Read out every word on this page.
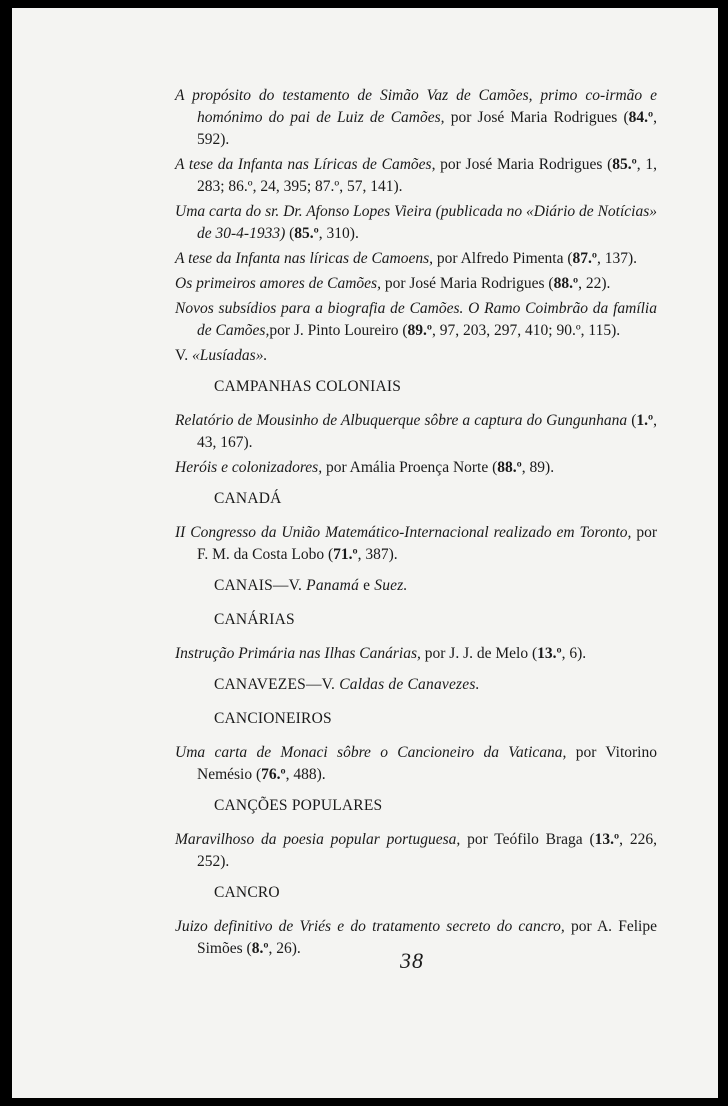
A propósito do testamento de Simão Vaz de Camões, primo co-irmão e homónimo do pai de Luiz de Camões, por José Maria Rodrigues (84.º, 592).

A tese da Infanta nas Líricas de Camões, por José Maria Rodrigues (85.º, 1, 283; 86.º, 24, 395; 87.º, 57, 141).

Uma carta do sr. Dr. Afonso Lopes Vieira (publicada no «Diário de Notícias» de 30-4-1933) (85.º, 310).

A tese da Infanta nas líricas de Camoens, por Alfredo Pimenta (87.º, 137).

Os primeiros amores de Camões, por José Maria Rodrigues (88.º, 22).

Novos subsídios para a biografia de Camões. O Ramo Coimbrão da família de Camões,por J. Pinto Loureiro (89.º, 97, 203, 297, 410; 90.º, 115).

V. «Lusíadas».

CAMPANHAS COLONIAIS

Relatório de Mousinho de Albuquerque sôbre a captura do Gungunhana (1.º, 43, 167).

Heróis e colonizadores, por Amália Proença Norte (88.º, 89).

CANADÁ

II Congresso da União Matemático-Internacional realizado em Toronto, por F. M. da Costa Lobo (71.º, 387).

CANAIS—V. Panamá e Suez.

CANÁRIAS

Instrução Primária nas Ilhas Canárias, por J. J. de Melo (13.º, 6).

CANAVEZES—V. Caldas de Canavezes.

CANCIONEIROS

Uma carta de Monaci sôbre o Cancioneiro da Vaticana, por Vitorino Nemésio (76.º, 488).

CANÇÕES POPULARES

Maravilhoso da poesia popular portuguesa, por Teófilo Braga (13.º, 226, 252).

CANCRO

Juizo definitivo de Vriés e do tratamento secreto do cancro, por A. Felipe Simões (8.º, 26).	38
